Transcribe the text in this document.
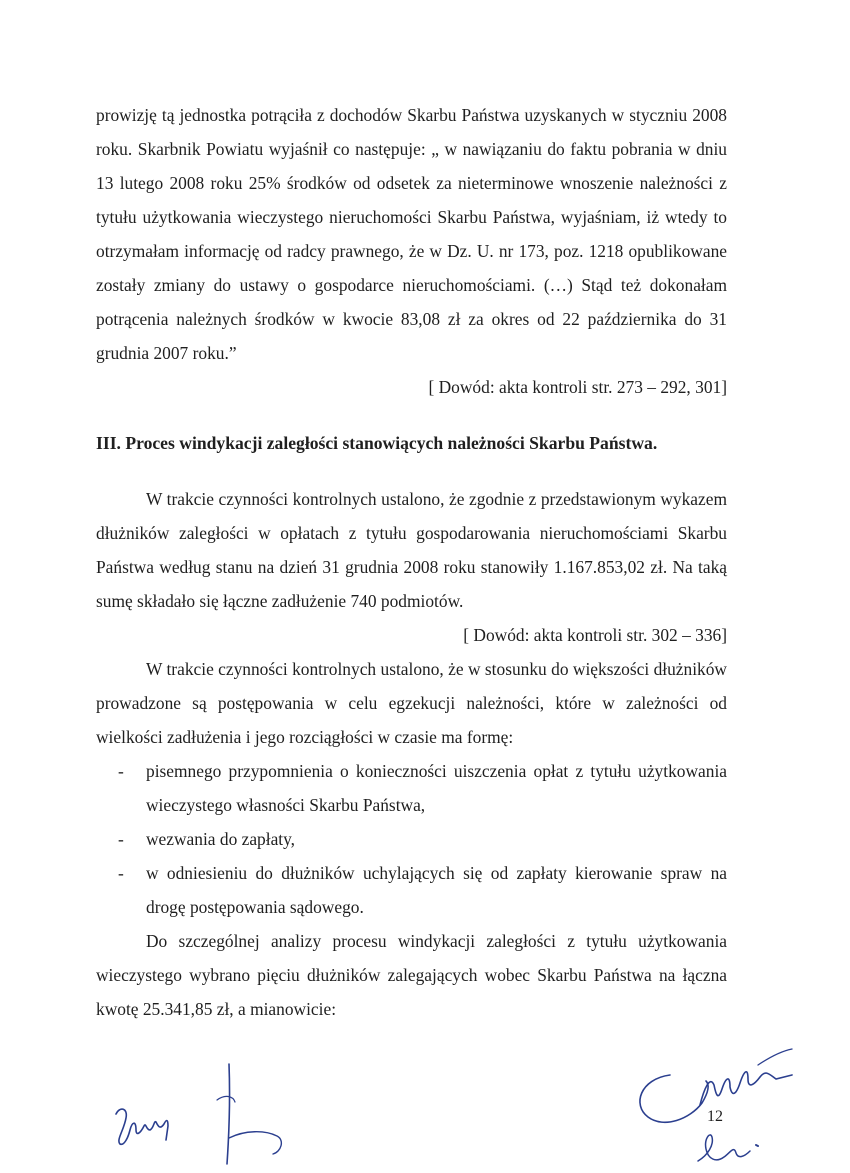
prowizję tą jednostka potrąciła z dochodów Skarbu Państwa uzyskanych w styczniu 2008 roku. Skarbnik Powiatu wyjaśnił co następuje: „ w nawiązaniu do faktu pobrania w dniu 13 lutego 2008 roku 25% środków od odsetek za nieterminowe wnoszenie należności z tytułu użytkowania wieczystego nieruchomości Skarbu Państwa, wyjaśniam, iż wtedy to otrzymałam informację od radcy prawnego, że w Dz. U. nr 173, poz. 1218 opublikowane zostały zmiany do ustawy o gospodarce nieruchomościami. (…) Stąd też dokonałam potrącenia należnych środków w kwocie 83,08 zł za okres od 22 października do 31 grudnia 2007 roku.”

[ Dowód: akta kontroli str. 273 – 292, 301]

III. Proces windykacji zaległości stanowiących należności Skarbu Państwa.

W trakcie czynności kontrolnych ustalono, że zgodnie z przedstawionym wykazem dłużników zaległości w opłatach z tytułu gospodarowania nieruchomościami Skarbu Państwa według stanu na dzień 31 grudnia 2008 roku stanowiły 1.167.853,02 zł. Na taką sumę składało się łączne zadłużenie 740 podmiotów.

[ Dowód: akta kontroli str. 302 – 336]

W trakcie czynności kontrolnych ustalono, że w stosunku do większości dłużników prowadzone są postępowania w celu egzekucji należności, które w zależności od wielkości zadłużenia i jego rozciągłości w czasie ma formę:

- pisemnego przypomnienia o konieczności uiszczenia opłat z tytułu użytkowania wieczystego własności Skarbu Państwa,
- wezwania do zapłaty,
- w odniesieniu do dłużników uchylających się od zapłaty kierowanie spraw na drogę postępowania sądowego.

Do szczególnej analizy procesu windykacji zaległości z tytułu użytkowania wieczystego wybrano pięciu dłużników zalegających wobec Skarbu Państwa na łączna kwotę 25.341,85 zł, a mianowicie:

12
